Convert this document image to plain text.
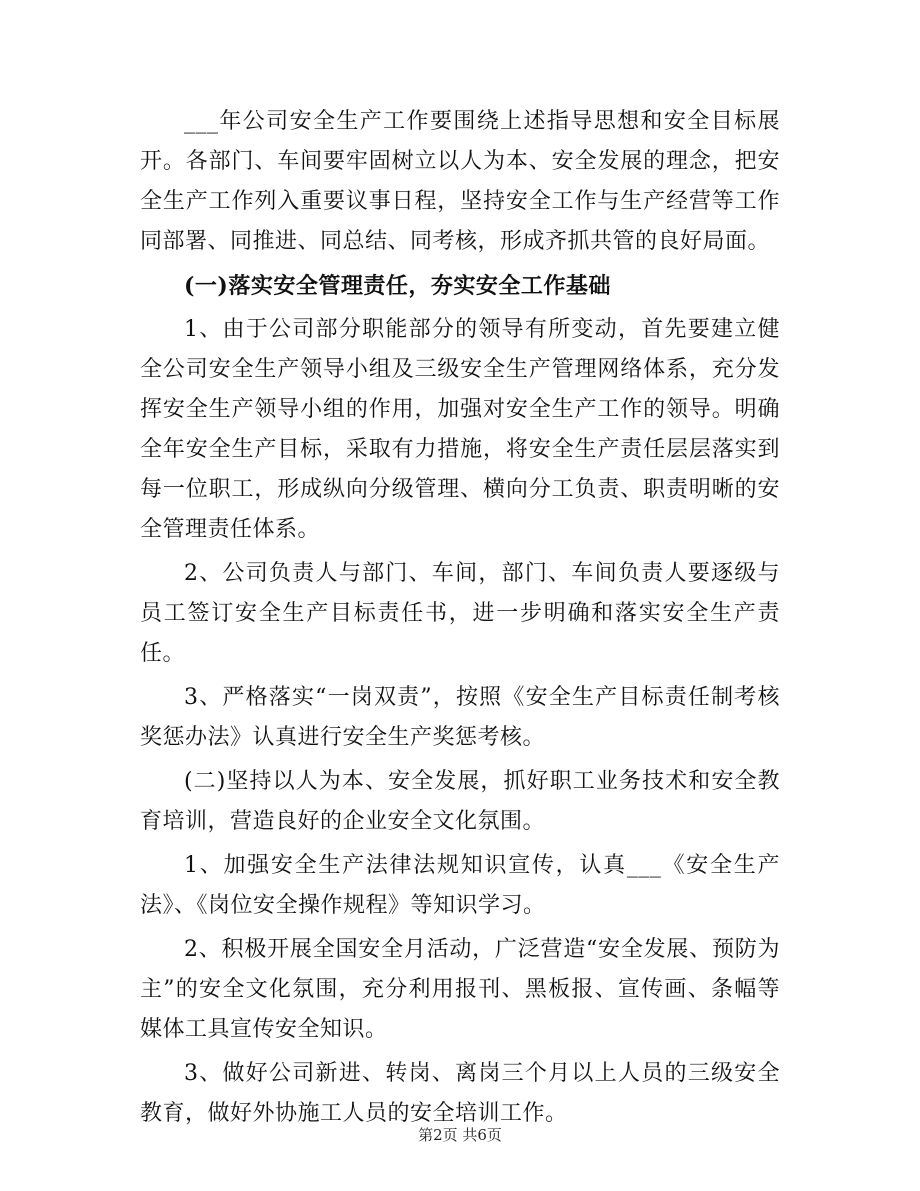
___年公司安全生产工作要围绕上述指导思想和安全目标展开。各部门、车间要牢固树立以人为本、安全发展的理念，把安全生产工作列入重要议事日程，坚持安全工作与生产经营等工作同部署、同推进、同总结、同考核，形成齐抓共管的良好局面。

(一)落实安全管理责任，夯实安全工作基础

1、由于公司部分职能部分的领导有所变动，首先要建立健全公司安全生产领导小组及三级安全生产管理网络体系，充分发挥安全生产领导小组的作用，加强对安全生产工作的领导。明确全年安全生产目标，采取有力措施，将安全生产责任层层落实到每一位职工，形成纵向分级管理、横向分工负责、职责明晰的安全管理责任体系。

2、公司负责人与部门、车间，部门、车间负责人要逐级与员工签订安全生产目标责任书，进一步明确和落实安全生产责任。

3、严格落实“一岗双责”，按照《安全生产目标责任制考核奖惩办法》认真进行安全生产奖惩考核。

(二)坚持以人为本、安全发展，抓好职工业务技术和安全教育培训，营造良好的企业安全文化氛围。

1、加强安全生产法律法规知识宣传，认真___《安全生产法》、《岗位安全操作规程》等知识学习。

2、积极开展全国安全月活动，广泛营造“安全发展、预防为主”的安全文化氛围，充分利用报刊、黑板报、宣传画、条幅等媒体工具宣传安全知识。

3、做好公司新进、转岗、离岗三个月以上人员的三级安全教育，做好外协施工人员的安全培训工作。

第2页 共6页
